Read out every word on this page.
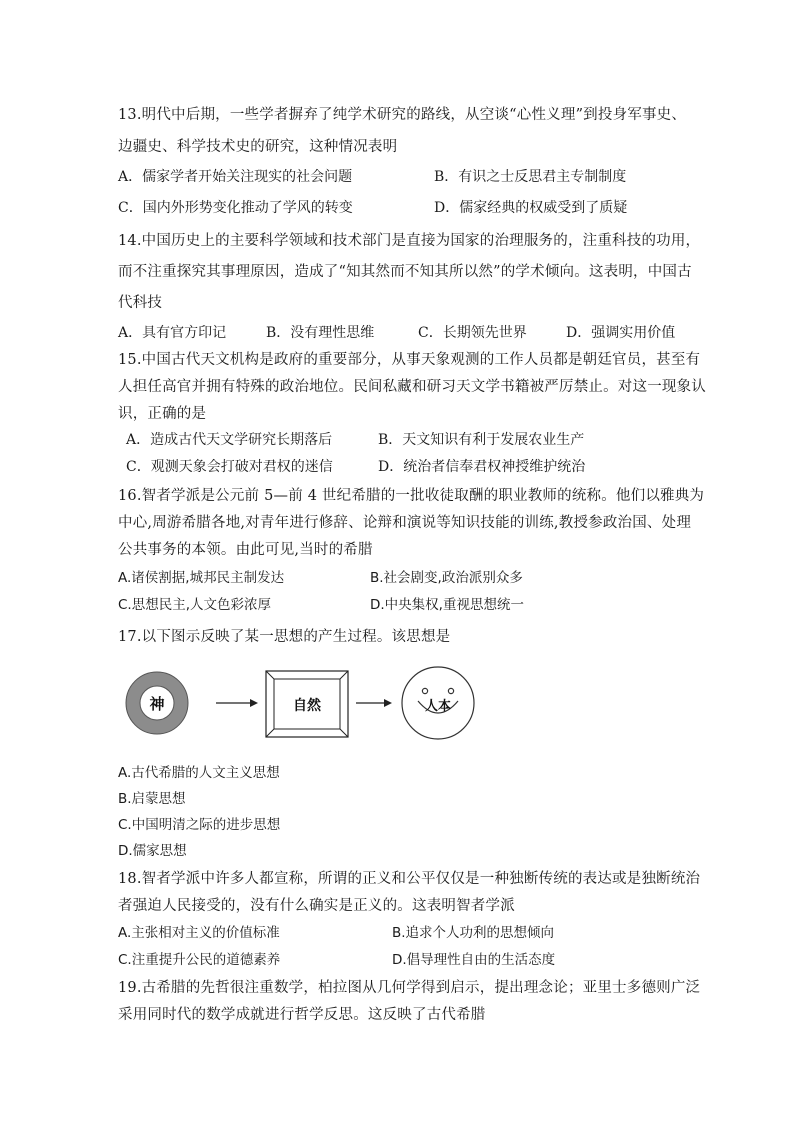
13.明代中后期，一些学者摒弃了纯学术研究的路线，从空谈“心性义理”到投身军事史、
边疆史、科学技术史的研究，这种情况表明
A．儒家学者开始关注现实的社会问题	B．有识之士反思君主专制制度
C．国内外形势变化推动了学风的转变	D．儒家经典的权威受到了质疑
14.中国历史上的主要科学领域和技术部门是直接为国家的治理服务的，注重科技的功用，
而不注重探究其事理原因，造成了“知其然而不知其所以然”的学术倾向。这表明，中国古
代科技
A．具有官方印记	B．没有理性思维	C．长期领先世界	D．强调实用价值
15.中国古代天文机构是政府的重要部分，从事天象观测的工作人员都是朝廷官员，甚至有
人担任高官并拥有特殊的政治地位。民间私藏和研习天文学书籍被严厉禁止。对这一现象认
识，正确的是
A．造成古代天文学研究长期落后	B．天文知识有利于发展农业生产
C．观测天象会打破对君权的迷信	D．统治者信奉君权神授维护统治
16.智者学派是公元前 5—前 4 世纪希腊的一批收徒取酬的职业教师的统称。他们以雅典为
中心,周游希腊各地,对青年进行修辞、论辩和演说等知识技能的训练,教授参政治国、处理
公共事务的本领。由此可见,当时的希腊
A.诸侯割据,城邦民主制发达	B.社会剧变,政治派别众多
C.思想民主,人文色彩浓厚	D.中央集权,重视思想统一
17.以下图示反映了某一思想的产生过程。该思想是
神	自然	人本
A.古代希腊的人文主义思想
B.启蒙思想
C.中国明清之际的进步思想
D.儒家思想
18.智者学派中许多人都宣称，所谓的正义和公平仅仅是一种独断传统的表达或是独断统治
者强迫人民接受的，没有什么确实是正义的。这表明智者学派
A.主张相对主义的价值标准	B.追求个人功利的思想倾向
C.注重提升公民的道德素养	D.倡导理性自由的生活态度
19.古希腊的先哲很注重数学，柏拉图从几何学得到启示，提出理念论；亚里士多德则广泛
采用同时代的数学成就进行哲学反思。这反映了古代希腊
